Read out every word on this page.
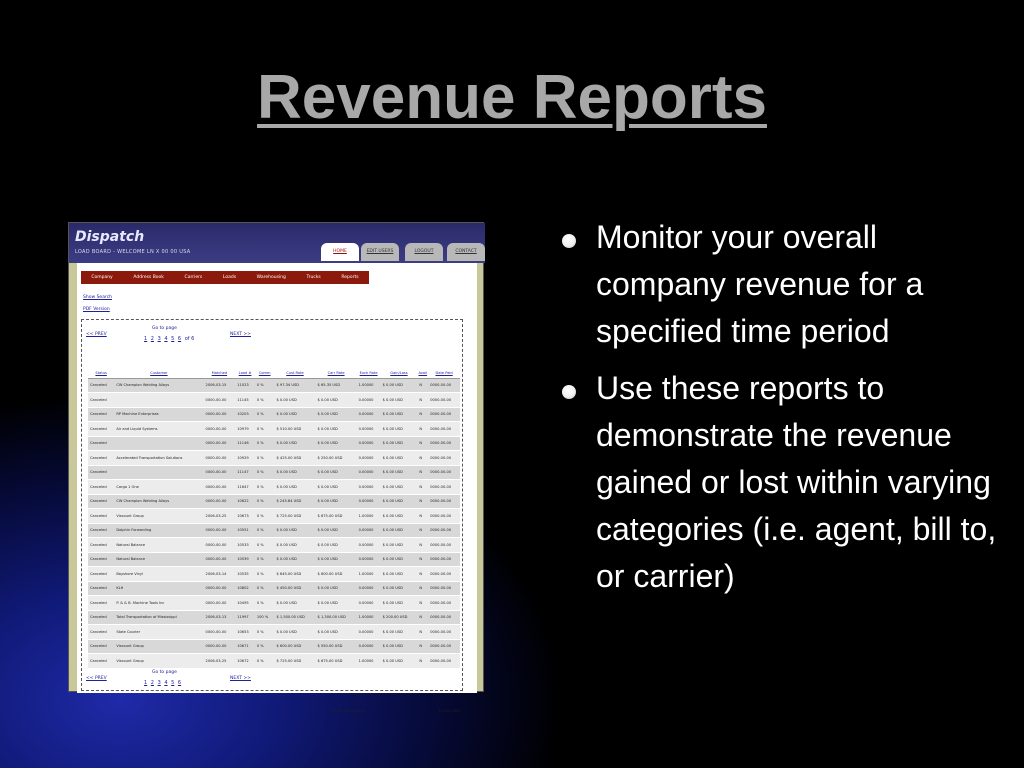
Revenue Reports
Dispatch
LOAD BOARD - WELCOME LN X 00 00 USA	HOME	EDIT USERS	LOGOUT	CONTACT
Company	Address Book	Carriers	Loads	Warehousing	Trucks	Reports
Show Search
PDF Version
<< PREV
Go to page
1 2 3 4 5 6 of 6
NEXT >>
Status	Customer	Matched	Load #	Comm	Cust Rate	Carr Rate	Exch Rate	Gain/Loss	Avail	Date Paid
Canceled	CW Champion Welding Alloys	2006-03-15	11023	0 %	$ 97.34 USD	$ 65.35 USD	1.00000	$ 0.00 USD	N	0000-00-00
Canceled		0000-00-00	11145	0 %	$ 0.00 USD	$ 0.00 USD	0.00000	$ 0.00 USD	N	0000-00-00
Canceled	RP Machine Enterprises	0000-00-00	10203	0 %	$ 0.00 USD	$ 0.00 USD	0.00000	$ 0.00 USD	N	0000-00-00
Canceled	Air and Liquid Systems	0000-00-00	10979	0 %	$ 510.00 USD	$ 0.00 USD	0.00000	$ 0.00 USD	N	0000-00-00
Canceled		0000-00-00	11146	0 %	$ 0.00 USD	$ 0.00 USD	0.00000	$ 0.00 USD	N	0000-00-00
Canceled	Accelerated Transportation Solutions	0000-00-00	10929	0 %	$ 425.00 USD	$ 250.00 USD	0.00000	$ 0.00 USD	N	0000-00-00
Canceled		0000-00-00	11147	0 %	$ 0.00 USD	$ 0.00 USD	0.00000	$ 0.00 USD	N	0000-00-00
Canceled	Cargo 1 One	0000-00-00	11647	0 %	$ 0.00 USD	$ 0.00 USD	0.00000	$ 0.00 USD	N	0000-00-00
Canceled	CW Champion Welding Alloys	0000-00-00	10622	0 %	$ 245.84 USD	$ 0.00 USD	0.00000	$ 0.00 USD	N	0000-00-00
Canceled	Viscount Group	2006-03-25	10673	0 %	$ 725.00 USD	$ 675.00 USD	1.00000	$ 0.00 USD	N	0000-00-00
Canceled	Dolphin Forwarding	0000-00-00	10551	0 %	$ 0.00 USD	$ 0.00 USD	0.00000	$ 0.00 USD	N	0000-00-00
Canceled	Natural Balance	0000-00-00	10533	0 %	$ 0.00 USD	$ 0.00 USD	0.00000	$ 0.00 USD	N	0000-00-00
Canceled	Natural Balance	0000-00-00	10539	0 %	$ 0.00 USD	$ 0.00 USD	0.00000	$ 0.00 USD	N	0000-00-00
Canceled	Bayshore Vinyl	2006-03-14	10535	0 %	$ 645.00 USD	$ 600.00 USD	1.00000	$ 0.00 USD	N	0000-00-00
Canceled	KLH	0000-00-00	10802	0 %	$ 450.00 USD	$ 0.00 USD	0.00000	$ 0.00 USD	N	0000-00-00
Canceled	P. & & B. Machine Tools Inc	0000-00-00	10495	0 %	$ 0.00 USD	$ 0.00 USD	0.00000	$ 0.00 USD	N	0000-00-00
Canceled	Total Transportation of Mississippi	2006-03-13	11997	100 %	$ 1,500.00 USD	$ 1,300.00 USD	1.00000	$ 200.00 USD	N	0000-00-00
Canceled	State Courier	0000-00-00	10653	0 %	$ 0.00 USD	$ 0.00 USD	0.00000	$ 0.00 USD	N	0000-00-00
Canceled	Viscount Group	0000-00-00	10671	0 %	$ 600.00 USD	$ 550.00 USD	0.00000	$ 0.00 USD	N	0000-00-00
Canceled	Viscount Group	2006-03-25	10672	0 %	$ 725.00 USD	$ 675.00 USD	1.00000	$ 0.00 USD	N	0000-00-00
Pending Payment	$ 0.00 USD
<< PREV
Go to page
1 2 3 4 5 6
NEXT >>
Monitor your overall company revenue for a specified time period
Use these reports to demonstrate the revenue gained or lost within varying categories (i.e. agent, bill to, or carrier)
